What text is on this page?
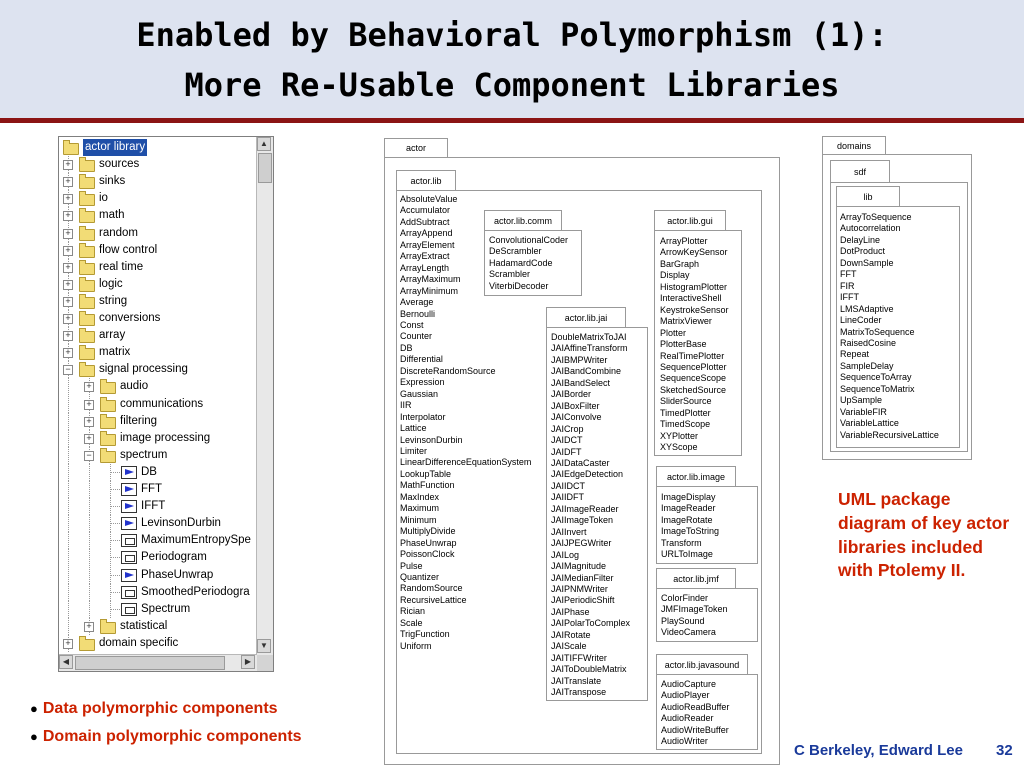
Enabled by Behavioral Polymorphism (1):
More Re-Usable Component Libraries
actor library
+ sources
+ sinks
+ io
+ math
+ random
+ flow control
+ real time
+ logic
+ string
+ conversions
+ array
+ matrix
− signal processing
+ audio
+ communications
+ filtering
+ image processing
− spectrum
DB
FFT
IFFT
LevinsonDurbin
MaximumEntropySpe
Periodogram
PhaseUnwrap
SmoothedPeriodogra
Spectrum
+ statistical
+ domain specific
▲
▼
◀	▶
actor
actor.lib
AbsoluteValue
Accumulator
AddSubtract
ArrayAppend
ArrayElement
ArrayExtract
ArrayLength
ArrayMaximum
ArrayMinimum
Average
Bernoulli
Const
Counter
DB
Differential
DiscreteRandomSource
Expression
Gaussian
IIR
Interpolator
Lattice
LevinsonDurbin
Limiter
LinearDifferenceEquationSystem
LookupTable
MathFunction
MaxIndex
Maximum
Minimum
MultiplyDivide
PhaseUnwrap
PoissonClock
Pulse
Quantizer
RandomSource
RecursiveLattice
Rician
Scale
TrigFunction
Uniform
actor.lib.comm
ConvolutionalCoder
DeScrambler
HadamardCode
Scrambler
ViterbiDecoder
actor.lib.gui
ArrayPlotter
ArrowKeySensor
BarGraph
Display
HistogramPlotter
InteractiveShell
KeystrokeSensor
MatrixViewer
Plotter
PlotterBase
RealTimePlotter
SequencePlotter
SequenceScope
SketchedSource
SliderSource
TimedPlotter
TimedScope
XYPlotter
XYScope
actor.lib.jai
DoubleMatrixToJAI
JAIAffineTransform
JAIBMPWriter
JAIBandCombine
JAIBandSelect
JAIBorder
JAIBoxFilter
JAIConvolve
JAICrop
JAIDCT
JAIDFT
JAIDataCaster
JAIEdgeDetection
JAIIDCT
JAIIDFT
JAIImageReader
JAIImageToken
JAIInvert
JAIJPEGWriter
JAILog
JAIMagnitude
JAIMedianFilter
JAIPNMWriter
JAIPeriodicShift
JAIPhase
JAIPolarToComplex
JAIRotate
JAIScale
JAITIFFWriter
JAIToDoubleMatrix
JAITranslate
JAITranspose
actor.lib.image
ImageDisplay
ImageReader
ImageRotate
ImageToString
Transform
URLToImage
actor.lib.jmf
ColorFinder
JMFImageToken
PlaySound
VideoCamera
actor.lib.javasound
AudioCapture
AudioPlayer
AudioReadBuffer
AudioReader
AudioWriteBuffer
AudioWriter
domains
sdf
lib
ArrayToSequence
Autocorrelation
DelayLine
DotProduct
DownSample
FFT
FIR
IFFT
LMSAdaptive
LineCoder
MatrixToSequence
RaisedCosine
Repeat
SampleDelay
SequenceToArray
SequenceToMatrix
UpSample
VariableFIR
VariableLattice
VariableRecursiveLattice
UML package diagram of key actor libraries included with Ptolemy II.
● Data polymorphic components
● Domain polymorphic components
C Berkeley, Edward Lee 32
